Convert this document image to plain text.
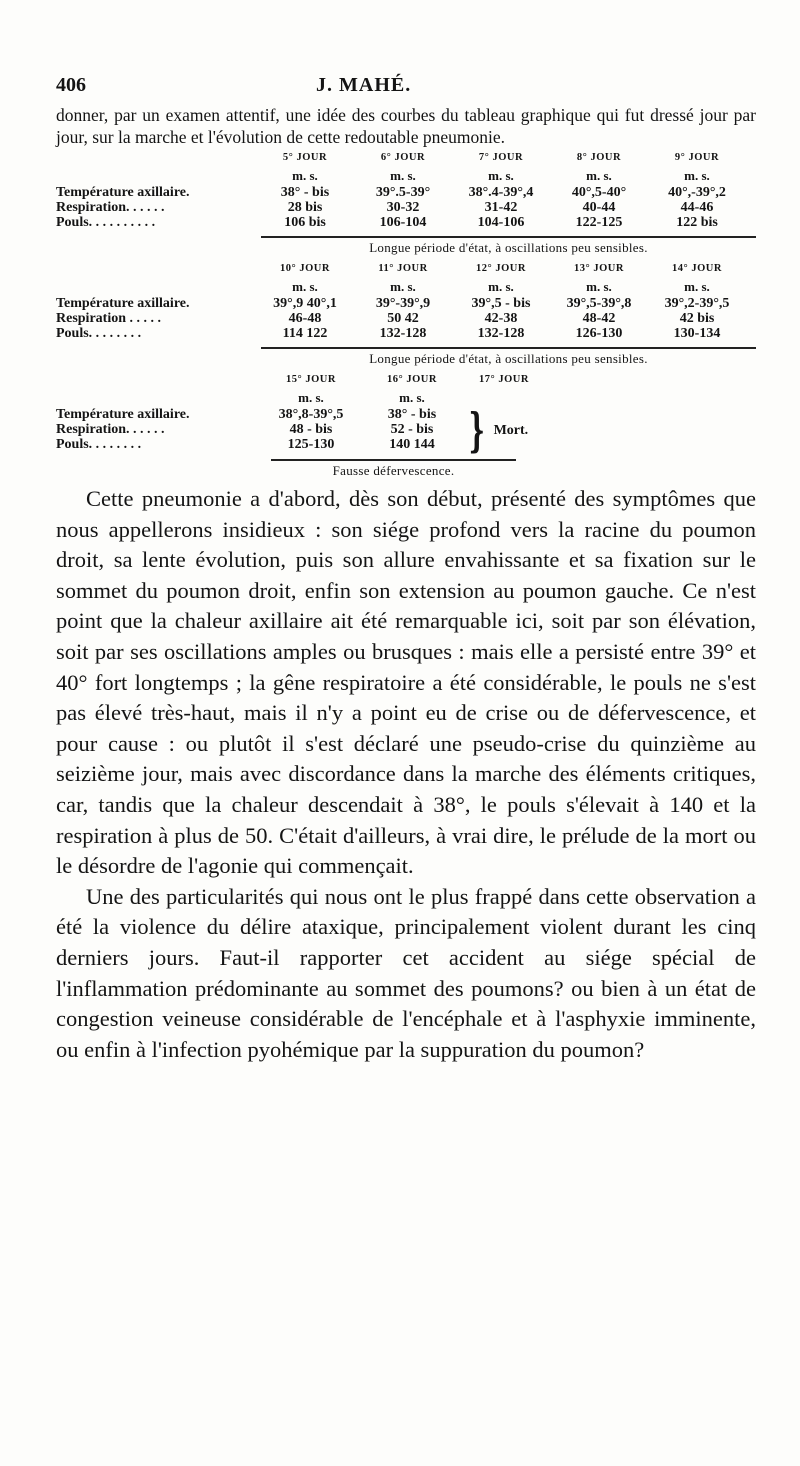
406	J. MAHÉ.

donner, par un examen attentif, une idée des courbes du tableau graphique qui fut dressé jour par jour, sur la marche et l'évolution de cette redoutable pneumonie.

5° JOUR	6° JOUR	7° JOUR	8° JOUR	9° JOUR
m. s.	m. s.	m. s.	m. s.	m. s.
Température axillaire.	38° - bis	39°.5-39°	38°.4-39°,4	40°,5-40°	40°,-39°,2
Respiration. . . . . .	28 bis	30-32	31-42	40-44	44-46
Pouls. . . . . . . . . .	106 bis	106-104	104-106	122-125	122 bis
Longue période d'état, à oscillations peu sensibles.
10° JOUR	11° JOUR	12° JOUR	13° JOUR	14° JOUR
m. s.	m. s.	m. s.	m. s.	m. s.
Température axillaire.	39°,9 40°,1	39°-39°,9	39°,5 - bis	39°,5-39°,8	39°,2-39°,5
Respiration . . . . .	46-48	50 42	42-38	48-42	42 bis
Pouls. . . . . . . .	114 122	132-128	132-128	126-130	130-134
Longue période d'état, à oscillations peu sensibles.
15° JOUR	16° JOUR	17° JOUR
m. s.	m. s.
Température axillaire.	38°,8-39°,5	38° - bis
Respiration. . . . . .	48 - bis	52 - bis
Pouls. . . . . . . .	125-130	140 144 } Mort.
Fausse défervescence.

Cette pneumonie a d'abord, dès son début, présenté des symptômes que nous appellerons insidieux : son siége profond vers la racine du poumon droit, sa lente évolution, puis son allure envahissante et sa fixation sur le sommet du poumon droit, enfin son extension au poumon gauche. Ce n'est point que la chaleur axillaire ait été remarquable ici, soit par son élévation, soit par ses oscillations amples ou brusques : mais elle a persisté entre 39° et 40° fort longtemps ; la gêne respiratoire a été considérable, le pouls ne s'est pas élevé très-haut, mais il n'y a point eu de crise ou de défervescence, et pour cause : ou plutôt il s'est déclaré une pseudo-crise du quinzième au seizième jour, mais avec discordance dans la marche des éléments critiques, car, tandis que la chaleur descendait à 38°, le pouls s'élevait à 140 et la respiration à plus de 50. C'était d'ailleurs, à vrai dire, le prélude de la mort ou le désordre de l'agonie qui commençait.

Une des particularités qui nous ont le plus frappé dans cette observation a été la violence du délire ataxique, principalement violent durant les cinq derniers jours. Faut-il rapporter cet accident au siége spécial de l'inflammation prédominante au sommet des poumons? ou bien à un état de congestion veineuse considérable de l'encéphale et à l'asphyxie imminente, ou enfin à l'infection pyohémique par la suppuration du poumon?
